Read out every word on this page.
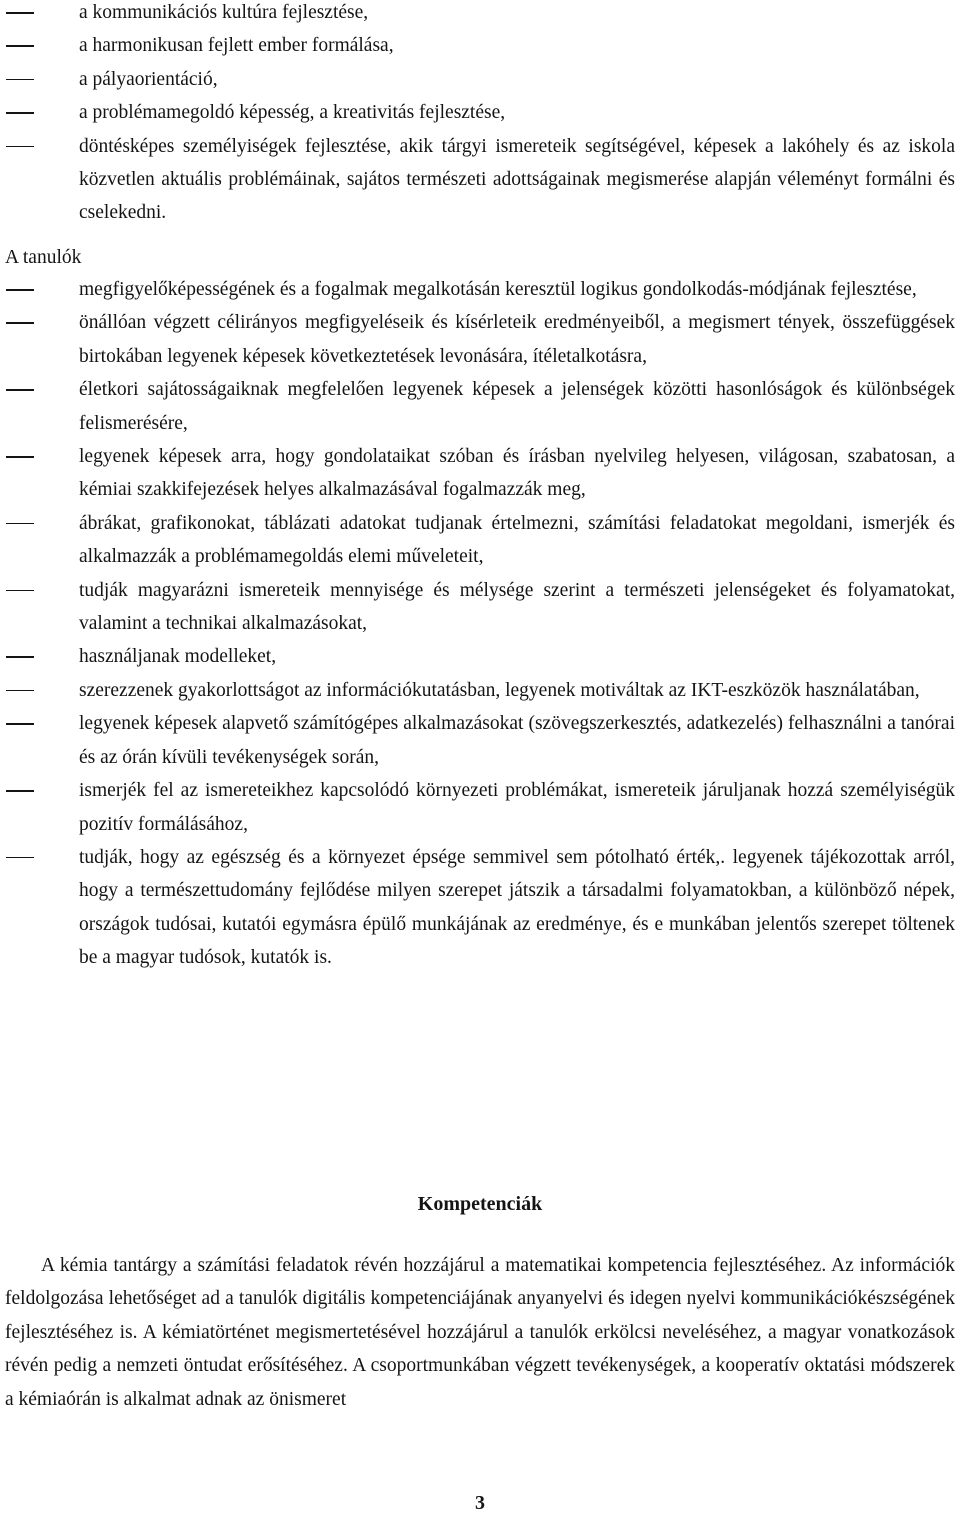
a kommunikációs kultúra fejlesztése,
a harmonikusan fejlett ember formálása,
a pályaorientáció,
a problémamegoldó képesség, a kreativitás fejlesztése,
döntésképes személyiségek fejlesztése, akik tárgyi ismereteik segítségével, képesek a lakóhely és az iskola közvetlen aktuális problémáinak, sajátos természeti adottságainak megismerése alapján véleményt formálni és cselekedni.
A tanulók
megfigyelőképességének és a fogalmak megalkotásán keresztül logikus gondolkodás-módjának fejlesztése,
önállóan végzett célirányos megfigyeléseik és kísérleteik eredményeiből, a megismert tények, összefüggések birtokában legyenek képesek következtetések levonására, ítéletalkotásra,
életkori sajátosságaiknak megfelelően legyenek képesek a jelenségek közötti hasonlóságok és különbségek felismerésére,
legyenek képesek arra, hogy gondolataikat szóban és írásban nyelvileg helyesen, világosan, szabatosan, a kémiai szakkifejezések helyes alkalmazásával fogalmazzák meg,
ábrákat, grafikonokat, táblázati adatokat tudjanak értelmezni, számítási feladatokat megoldani, ismerjék és alkalmazzák a problémamegoldás elemi műveleteit,
tudják magyarázni ismereteik mennyisége és mélysége szerint a természeti jelenségeket és folyamatokat, valamint a technikai alkalmazásokat,
használjanak modelleket,
szerezzenek gyakorlottságot az információkutatásban, legyenek motiváltak az IKT-eszközök használatában,
legyenek képesek alapvető számítógépes alkalmazásokat (szövegszerkesztés, adatkezelés) felhasználni a tanórai és az órán kívüli tevékenységek során,
ismerjék fel az ismereteikhez kapcsolódó környezeti problémákat, ismereteik járuljanak hozzá személyiségük pozitív formálásához,
tudják, hogy az egészség és a környezet épsége semmivel sem pótolható érték,. legyenek tájékozottak arról, hogy a természettudomány fejlődése milyen szerepet játszik a társadalmi folyamatokban, a különböző népek, országok tudósai, kutatói egymásra épülő munkájának az eredménye, és e munkában jelentős szerepet töltenek be a magyar tudósok, kutatók is.
Kompetenciák

A kémia tantárgy a számítási feladatok révén hozzájárul a matematikai kompetencia fejlesztéséhez. Az információk feldolgozása lehetőséget ad a tanulók digitális kompetenciájának anyanyelvi és idegen nyelvi kommunikációkészségének fejlesztéséhez is. A kémiatörténet megismertetésével hozzájárul a tanulók erkölcsi neveléséhez, a magyar vonatkozások révén pedig a nemzeti öntudat erősítéséhez. A csoportmunkában végzett tevékenységek, a kooperatív oktatási módszerek a kémiaórán is alkalmat adnak az önismeret

3
